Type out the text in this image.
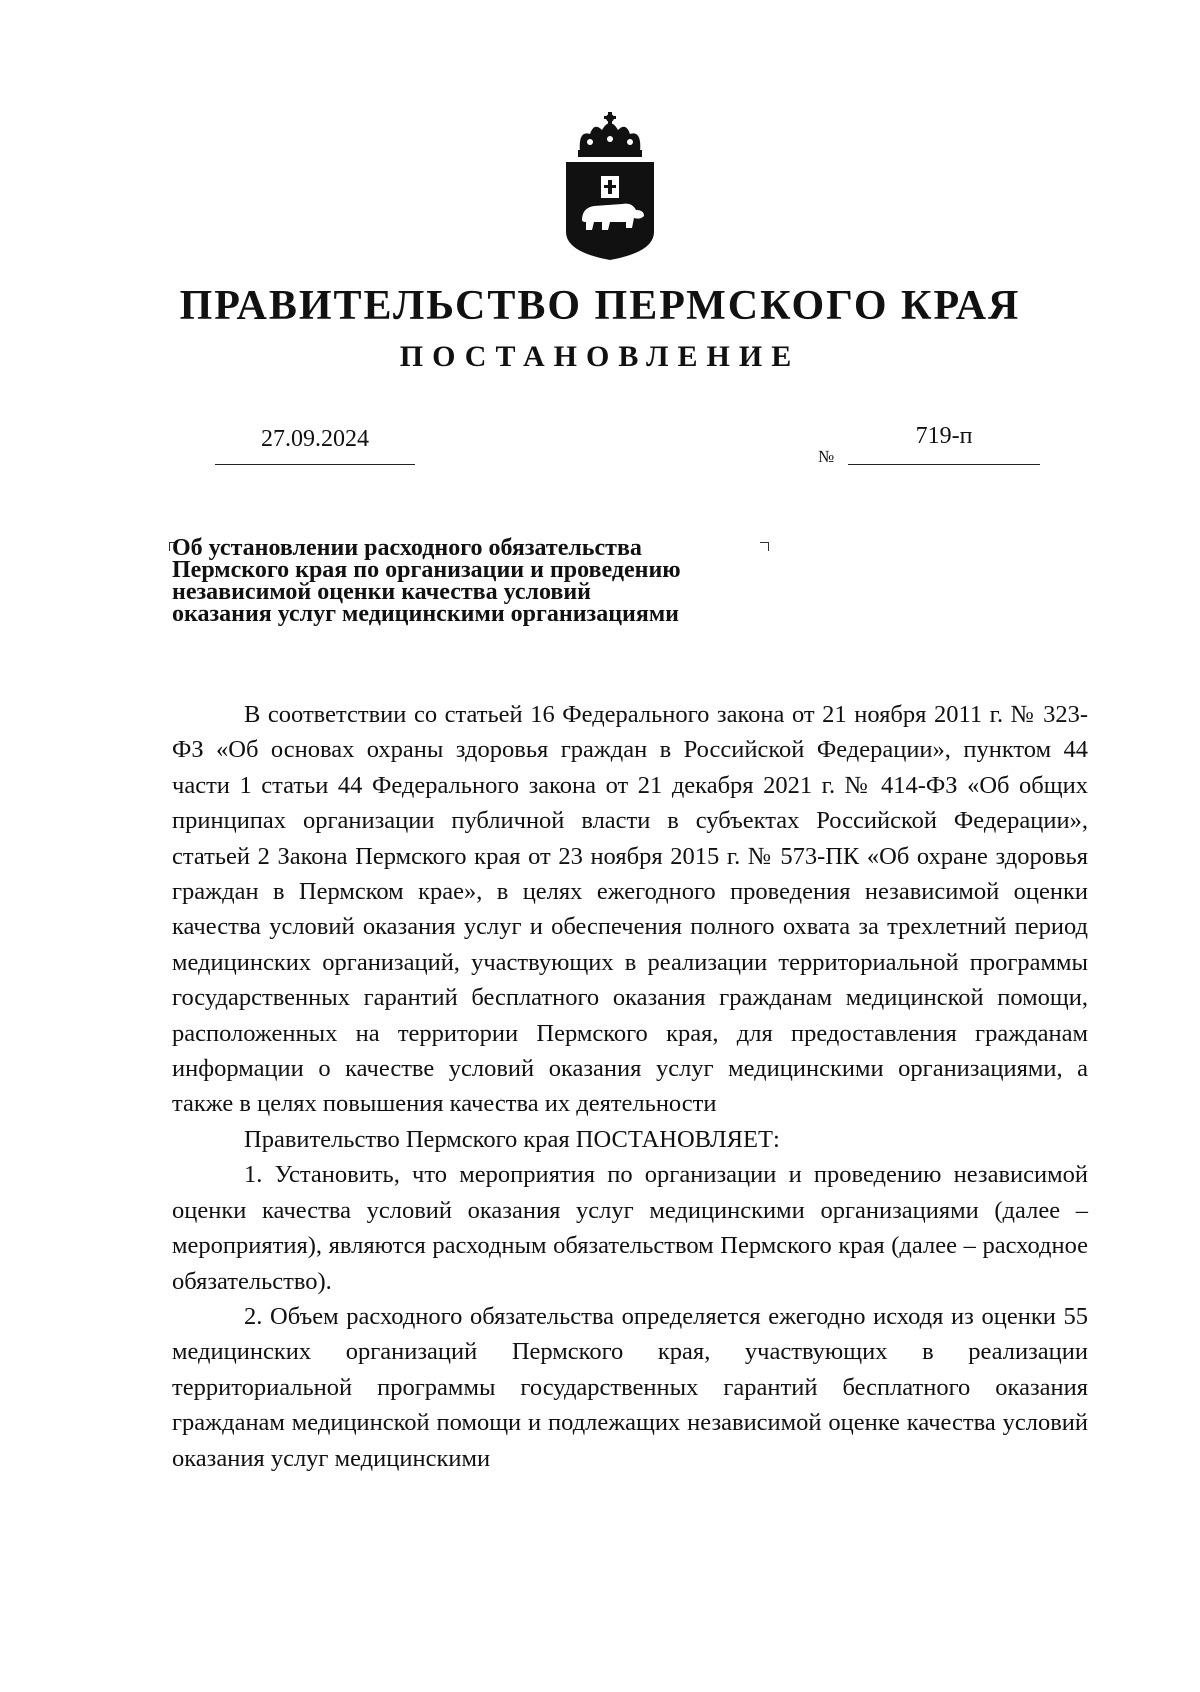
ПРАВИТЕЛЬСТВО ПЕРМСКОГО КРАЯ
ПОСТАНОВЛЕНИЕ
27.09.2024
№
719-п
Об установлении расходного обязательства
Пермского края по организации и проведению
независимой оценки качества условий
оказания услуг медицинскими организациями

В соответствии со статьей 16 Федерального закона от 21 ноября 2011 г. № 323-ФЗ «Об основах охраны здоровья граждан в Российской Федерации», пунктом 44 части 1 статьи 44 Федерального закона от 21 декабря 2021 г. № 414-ФЗ «Об общих принципах организации публичной власти в субъектах Российской Федерации», статьей 2 Закона Пермского края от 23 ноября 2015 г. № 573-ПК «Об охране здоровья граждан в Пермском крае», в целях ежегодного проведения независимой оценки качества условий оказания услуг и обеспечения полного охвата за трехлетний период медицинских организаций, участвующих в реализации территориальной программы государственных гарантий бесплатного оказания гражданам медицинской помощи, расположенных на территории Пермского края, для предоставления гражданам информации о качестве условий оказания услуг медицинскими организациями, а также в целях повышения качества их деятельности

Правительство Пермского края ПОСТАНОВЛЯЕТ:

1. Установить, что мероприятия по организации и проведению независимой оценки качества условий оказания услуг медицинскими организациями (далее – мероприятия), являются расходным обязательством Пермского края (далее – расходное обязательство).

2. Объем расходного обязательства определяется ежегодно исходя из оценки 55 медицинских организаций Пермского края, участвующих в реализации территориальной программы государственных гарантий бесплатного оказания гражданам медицинской помощи и подлежащих независимой оценке качества условий оказания услуг медицинскими
